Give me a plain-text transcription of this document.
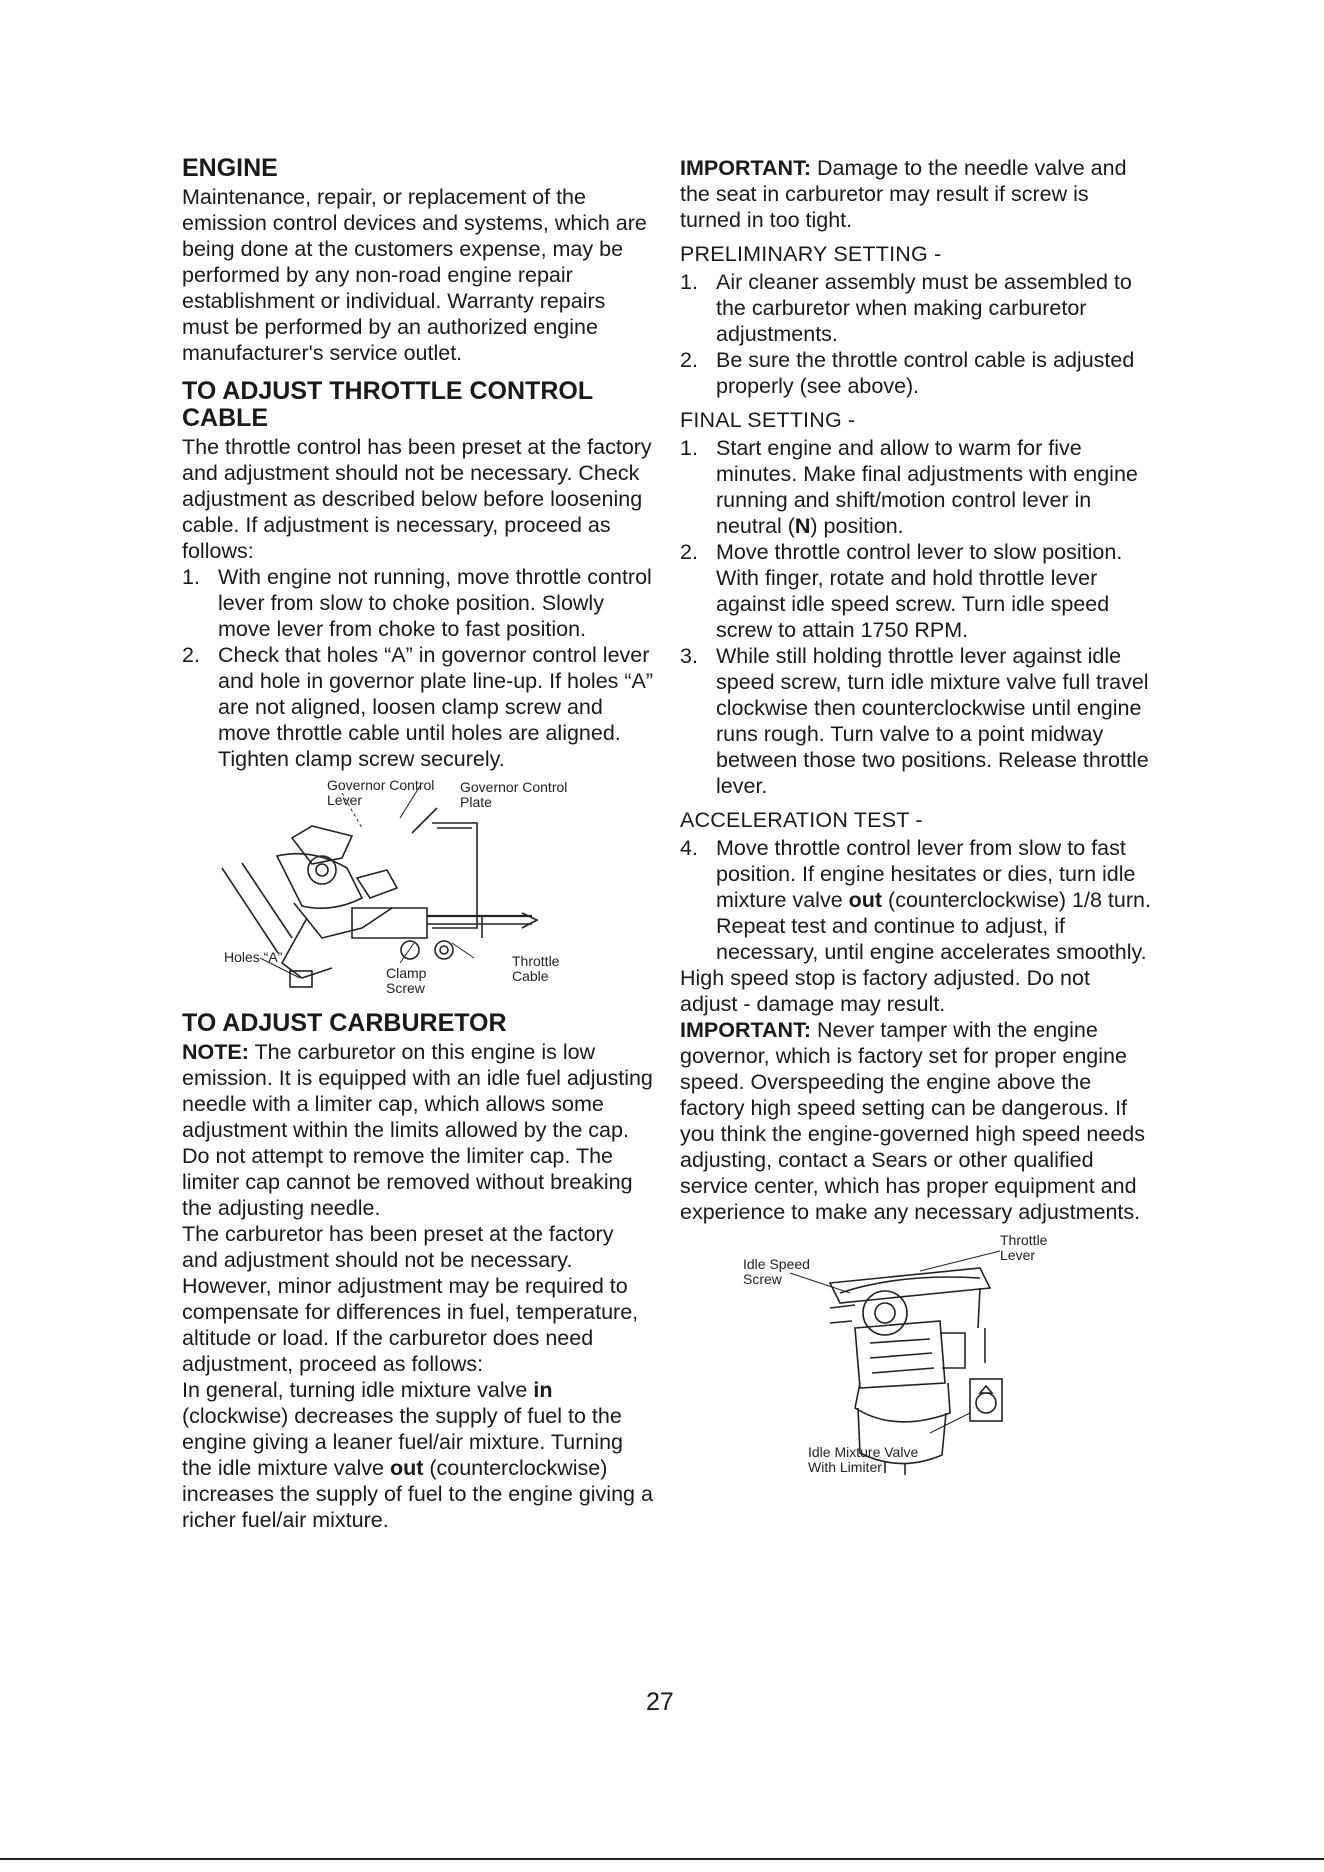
ENGINE

Maintenance, repair, or replacement of the emission control devices and systems, which are being done at the customers expense, may be performed by any non-road engine repair establishment or individual. Warranty repairs must be performed by an authorized engine manufacturer's service outlet.

TO ADJUST THROTTLE CONTROL CABLE

The throttle control has been preset at the factory and adjustment should not be necessary. Check adjustment as described below before loosening cable. If adjustment is necessary, proceed as follows:

1. With engine not running, move throttle control lever from slow to choke position. Slowly move lever from choke to fast position.
2. Check that holes “A” in governor control lever and hole in governor plate line-up. If holes “A” are not aligned, loosen clamp screw and move throttle cable until holes are aligned. Tighten clamp screw securely.
Governor Control Lever
Governor Control Plate
Holes “A”
Clamp Screw
Throttle Cable
TO ADJUST CARBURETOR

NOTE: The carburetor on this engine is low emission. It is equipped with an idle fuel adjusting needle with a limiter cap, which allows some adjustment within the limits allowed by the cap. Do not attempt to remove the limiter cap. The limiter cap cannot be removed without breaking the adjusting needle.

The carburetor has been preset at the factory and adjustment should not be necessary. However, minor adjustment may be required to compensate for differences in fuel, temperature, altitude or load. If the carburetor does need adjustment, proceed as follows:

In general, turning idle mixture valve in (clockwise) decreases the supply of fuel to the engine giving a leaner fuel/air mixture. Turning the idle mixture valve out (counterclockwise) increases the supply of fuel to the engine giving a richer fuel/air mixture.

IMPORTANT: Damage to the needle valve and the seat in carburetor may result if screw is turned in too tight.

PRELIMINARY SETTING -

1. Air cleaner assembly must be assembled to the carburetor when making carburetor adjustments.
2. Be sure the throttle control cable is adjusted properly (see above).

FINAL SETTING -

1. Start engine and allow to warm for five minutes. Make final adjustments with engine running and shift/motion control lever in neutral (N) position.
2. Move throttle control lever to slow position. With finger, rotate and hold throttle lever against idle speed screw. Turn idle speed screw to attain 1750 RPM.
3. While still holding throttle lever against idle speed screw, turn idle mixture valve full travel clockwise then counterclockwise until engine runs rough. Turn valve to a point midway between those two positions. Release throttle lever.

ACCELERATION TEST -

4. Move throttle control lever from slow to fast position. If engine hesitates or dies, turn idle mixture valve out (counterclockwise) 1/8 turn. Repeat test and continue to adjust, if necessary, until engine accelerates smoothly.

High speed stop is factory adjusted. Do not adjust - damage may result.

IMPORTANT: Never tamper with the engine governor, which is factory set for proper engine speed. Overspeeding the engine above the factory high speed setting can be dangerous. If you think the engine-governed high speed needs adjusting, contact a Sears or other qualified service center, which has proper equipment and experience to make any necessary adjustments.

Throttle Lever
Idle Speed Screw
Idle Mixture Valve With Limiter
27
